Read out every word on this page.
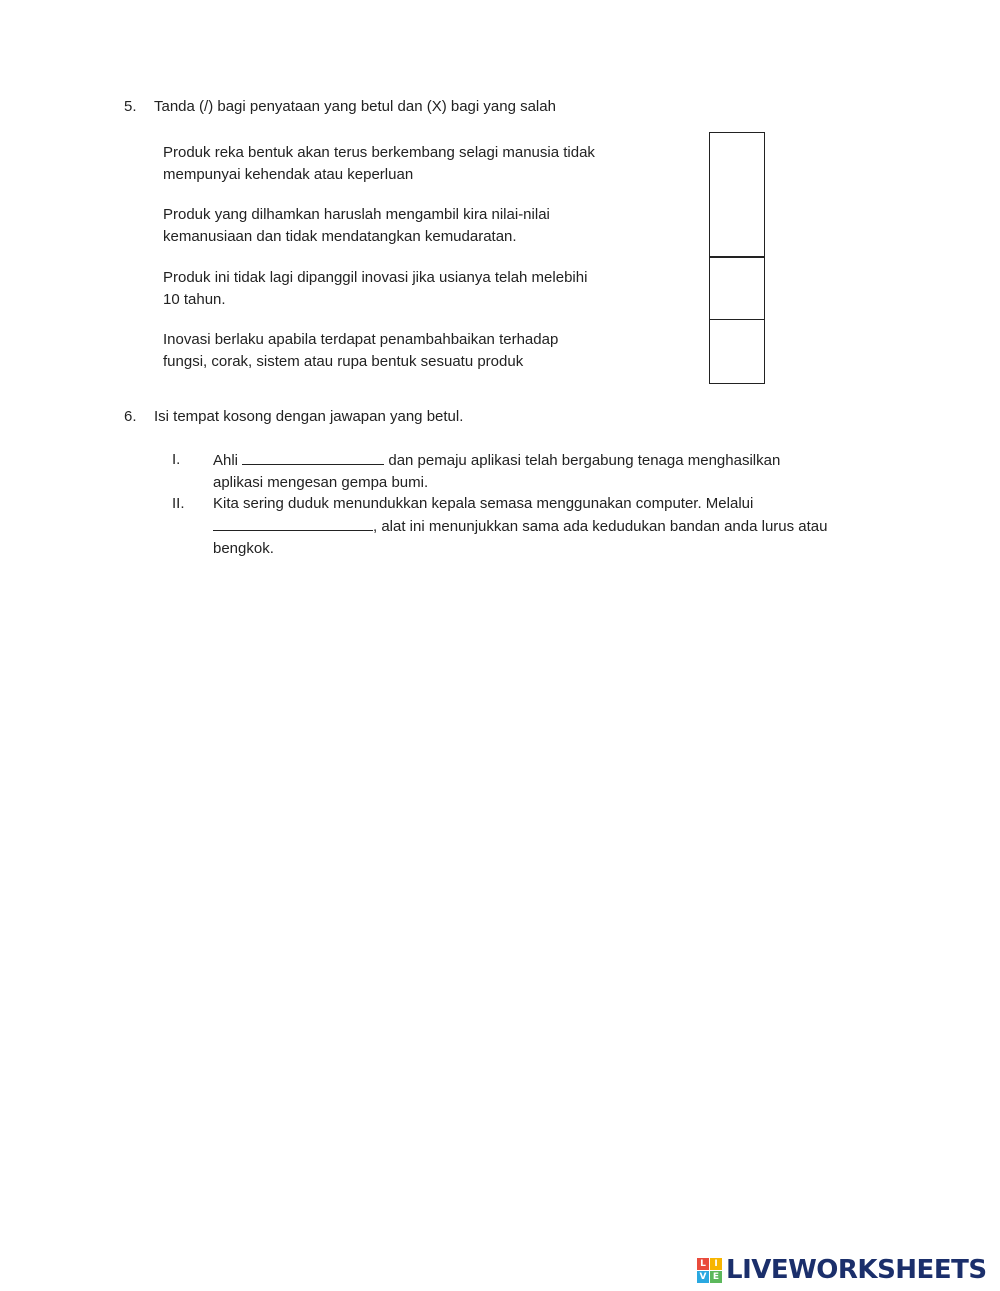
5. Tanda (/) bagi penyataan yang betul dan (X) bagi yang salah
Produk reka bentuk akan terus berkembang selagi manusia tidak
mempunyai kehendak atau keperluan
Produk yang dilhamkan haruslah mengambil kira nilai-nilai
kemanusiaan dan tidak mendatangkan kemudaratan.
Produk ini tidak lagi dipanggil inovasi jika usianya telah melebihi
10 tahun.
Inovasi berlaku apabila terdapat penambahbaikan terhadap
fungsi, corak, sistem atau rupa bentuk sesuatu produk
6. Isi tempat kosong dengan jawapan yang betul.
I. Ahli	dan pemaju aplikasi telah bergabung tenaga menghasilkan
aplikasi mengesan gempa bumi.
II. Kita sering duduk menundukkan kepala semasa menggunakan computer. Melalui
, alat ini menunjukkan sama ada kedudukan bandan anda lurus atau
bengkok.
L I
V E LIVEWORKSHEETS
